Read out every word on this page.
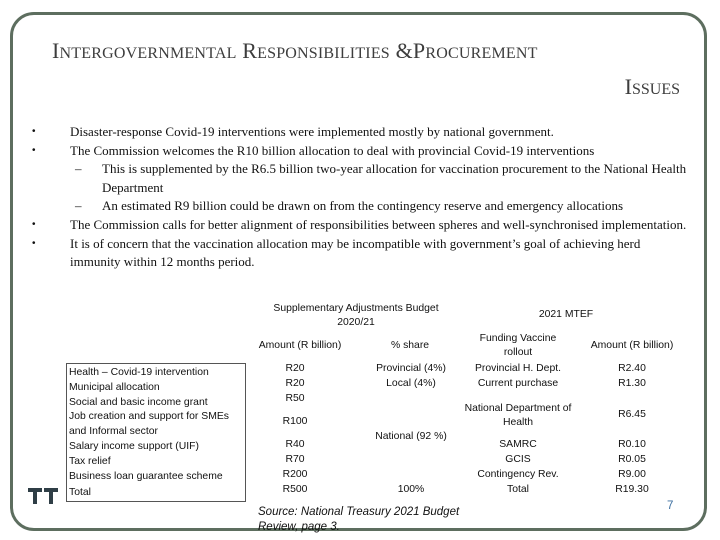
INTERGOVERNMENTAL RESPONSIBILITIES &PROCUREMENT
ISSUES
• Disaster-response Covid-19 interventions were implemented mostly by national government.
• The Commission welcomes the R10 billion allocation to deal with provincial Covid-19 interventions
– This is supplemented by the R6.5 billion two-year allocation for vaccination procurement to the National Health Department
– An estimated R9 billion could be drawn on from the contingency reserve and emergency allocations
• The Commission calls for better alignment of responsibilities between spheres and well-synchronised implementation.
• It is of concern that the vaccination allocation may be incompatible with government’s goal of achieving herd immunity within 12 months period.
Supplementary Adjustments Budget 2020/21
2021 MTEF
Amount (R billion)	% share
Funding Vaccine rollout
Amount (R billion)
R20
R20
R50
R100
R40
R70
R200
R500
Provincial (4%)
Local (4%)
National (92 %)
100%
Provincial H. Dept.
Current purchase
National Department of Health
SAMRC
GCIS
Contingency Rev.
Total
R2.40
R1.30
R6.45
R0.10
R0.05
R9.00
R19.30
Health – Covid-19 intervention
Municipal allocation
Social and basic income grant
Job creation and support for SMEs and Informal sector
Salary income support (UIF)
Tax relief
Business loan guarantee scheme
Total
Source: National Treasury 2021 Budget Review, page 3.
7
